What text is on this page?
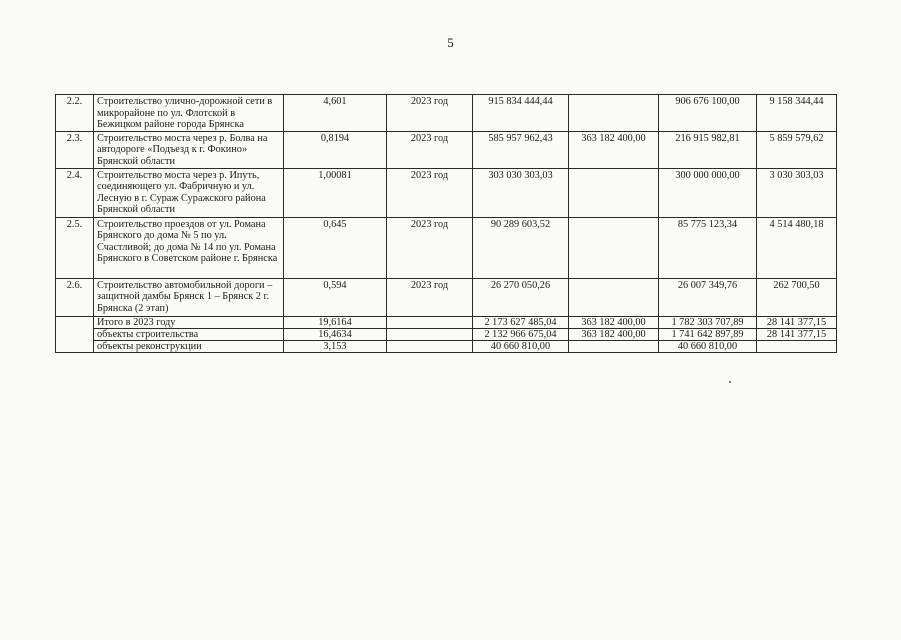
5
2.2.	Строительство улично-дорожной сети в микрорайоне по ул. Флотской в Бежицком районе города Брянска	4,601	2023 год	915 834 444,44		906 676 100,00	9 158 344,44
2.3.	Строительство моста через р. Болва на автодороге «Подъезд к г. Фокино» Брянской области	0,8194	2023 год	585 957 962,43	363 182 400,00	216 915 982,81	5 859 579,62
2.4.	Строительство моста через р. Ипуть, соединяющего ул. Фабричную и ул. Лесную в г. Сураж Суражского района Брянской области	1,00081	2023 год	303 030 303,03		300 000 000,00	3 030 303,03
2.5.	Строительство проездов от ул. Романа Брянского до дома № 5 по ул. Счастливой; до дома № 14 по ул. Романа Брянского в Советском районе г. Брянска	0,645	2023 год	90 289 603,52		85 775 123,34	4 514 480,18
2.6.	Строительство автомобильной дороги – защитной дамбы Брянск 1 – Брянск 2 г. Брянска (2 этап)	0,594	2023 год	26 270 050,26		26 007 349,76	262 700,50
	Итого в 2023 году	19,6164		2 173 627 485,04	363 182 400,00	1 782 303 707,89	28 141 377,15
	объекты строительства	16,4634		2 132 966 675,04	363 182 400,00	1 741 642 897,89	28 141 377,15
	объекты реконструкции	3,153		40 660 810,00		40 660 810,00	
